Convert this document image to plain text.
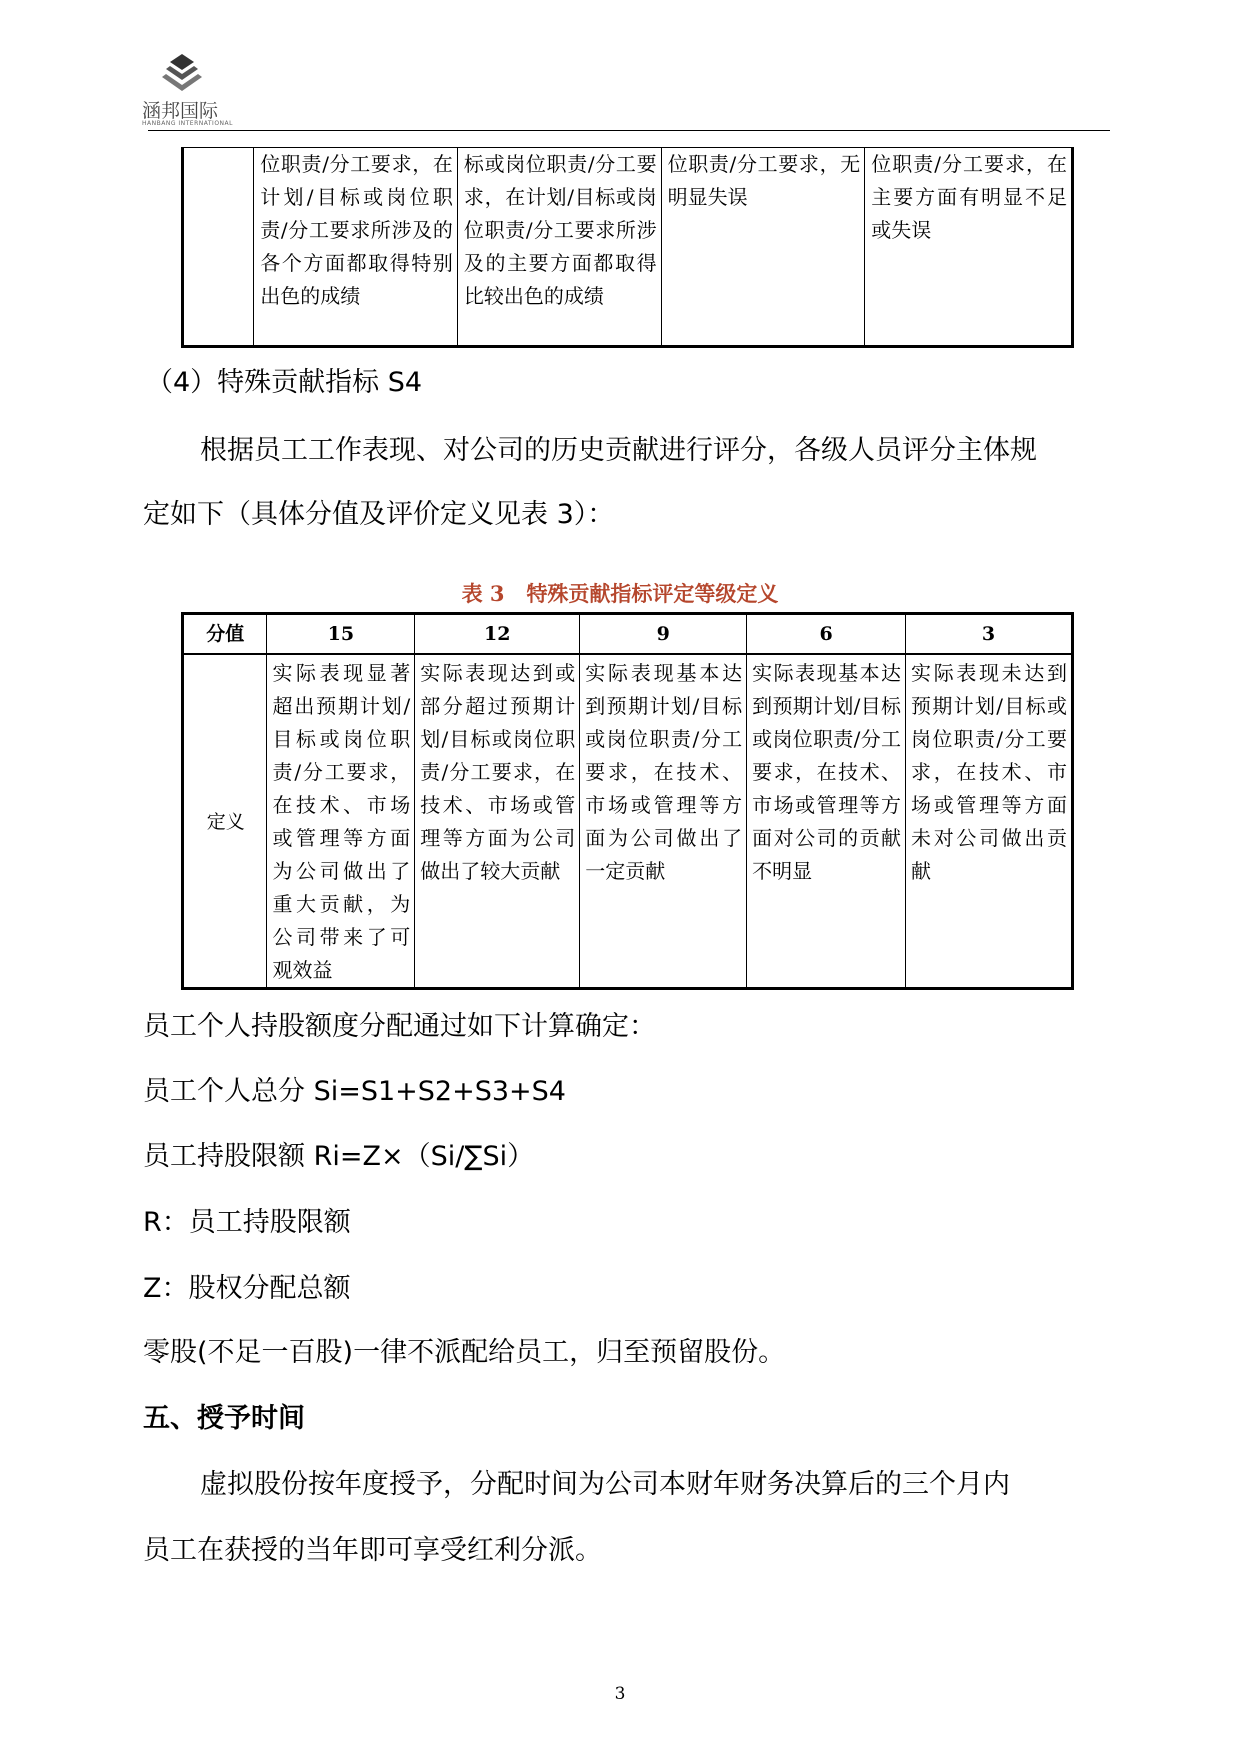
涵邦国际
HANBANG INTERNATIONAL
	位职责/分工要求，在计划/目标或岗位职责/分工要求所涉及的各个方面都取得特别出色的成绩	标或岗位职责/分工要求，在计划/目标或岗位职责/分工要求所涉及的主要方面都取得比较出色的成绩	位职责/分工要求，无明显失误	位职责/分工要求，在主要方面有明显不足或失误
（4）特殊贡献指标 S4
根据员工工作表现、对公司的历史贡献进行评分，各级人员评分主体规
定如下（具体分值及评价定义见表 3）：
表 3 特殊贡献指标评定等级定义
分值	15	12	9	6	3
定义	实际表现显著超出预期计划/目标或岗位职责/分工要求，在技术、市场或管理等方面为公司做出了重大贡献，为公司带来了可观效益	实际表现达到或部分超过预期计划/目标或岗位职责/分工要求，在技术、市场或管理等方面为公司做出了较大贡献	实际表现基本达到预期计划/目标或岗位职责/分工要求，在技术、市场或管理等方面为公司做出了一定贡献	实际表现基本达到预期计划/目标或岗位职责/分工要求，在技术、市场或管理等方面对公司的贡献不明显	实际表现未达到预期计划/目标或岗位职责/分工要求，在技术、市场或管理等方面未对公司做出贡献
员工个人持股额度分配通过如下计算确定：
员工个人总分 Si=S1+S2+S3+S4
员工持股限额 Ri=Z×（Si/∑Si）
R：员工持股限额
Z：股权分配总额
零股(不足一百股)一律不派配给员工，归至预留股份。
五、授予时间
虚拟股份按年度授予，分配时间为公司本财年财务决算后的三个月内
员工在获授的当年即可享受红利分派。
3
